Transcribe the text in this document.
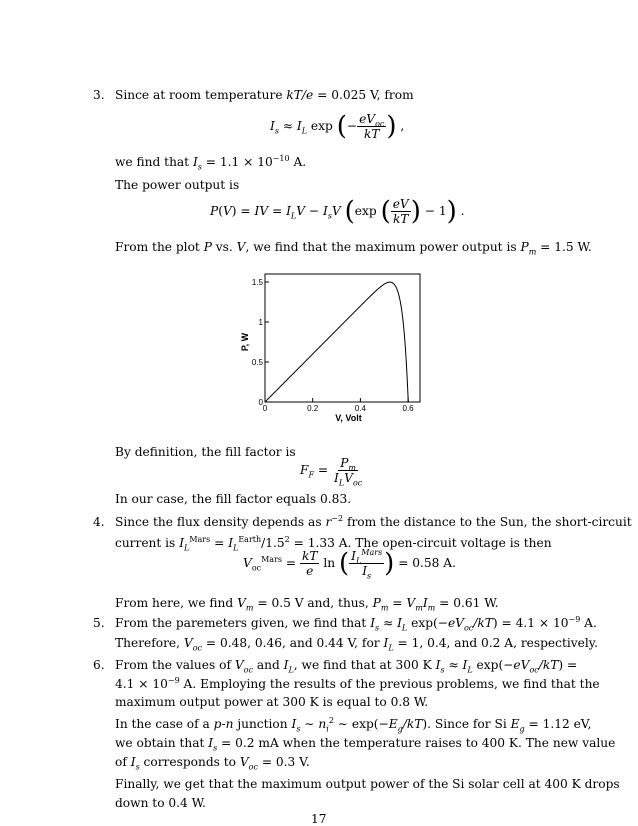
3. Since at room temperature kT/e = 0.025 V, from
$I_s \approx I_L$ exp (− $\frac{eV_{oc}}{kT}$ ) ,
we find that $I_s = 1.1 \times 10^{-10}$ A.
The power output is
P(V) = IV = $I_LV - I_sV$ (exp ( $\frac{eV}{kT}$ ) − 1) .
From the plot P vs. V, we find that the maximum power output is $P_m = 1.5$ W.
0	0.2	0.4	0.6
0
0.5
1
1.5
V, Volt
P, W
By definition, the fill factor is
$F_F = \frac{P_m}{I_LV_{oc}}$
In our case, the fill factor equals 0.83.
4. Since the flux density depends as $r^{-2}$ from the distance to the Sun, the short-circuit
current is $I_L^{Mars} = I_L^{Earth}/1.5^2 = 1.33$ A. The open-circuit voltage is then
$V_{oc}^{Mars} = \frac{kT}{e}$ ln ( $\frac{I_L^{Mars}}{I_s}$ ) = 0.58 A.
From here, we find $V_m = 0.5$ V and, thus, $P_m = V_mI_m = 0.61$ W.
5. From the paremeters given, we find that $I_s \approx I_L$ $\exp(-eV_{oc}/kT) = 4.1 \times 10^{-9}$ A.
Therefore, $V_{oc} = 0.48$, 0.46, and 0.44 V, for $I_L = 1$, 0.4, and 0.2 A, respectively.
6. From the values of $V_{oc}$ and $I_L$, we find that at 300 K $I_s \approx I_L$ $\exp(-eV_{oc}/kT)$ =
$4.1 \times 10^{-9}$ A. Employing the results of the previous problems, we find that the
maximum output power at 300 K is equal to 0.8 W.
In the case of a p-n junction $I_s$ ∼ $n_i^2$ ∼ $\exp(-E_g/kT)$. Since for Si $E_g = 1.12$ eV,
we obtain that $I_s = 0.2$ mA when the temperature raises to 400 K. The new value
of $I_s$ corresponds to $V_{oc} = 0.3$ V.
Finally, we get that the maximum output power of the Si solar cell at 400 K drops
down to 0.4 W.
17
